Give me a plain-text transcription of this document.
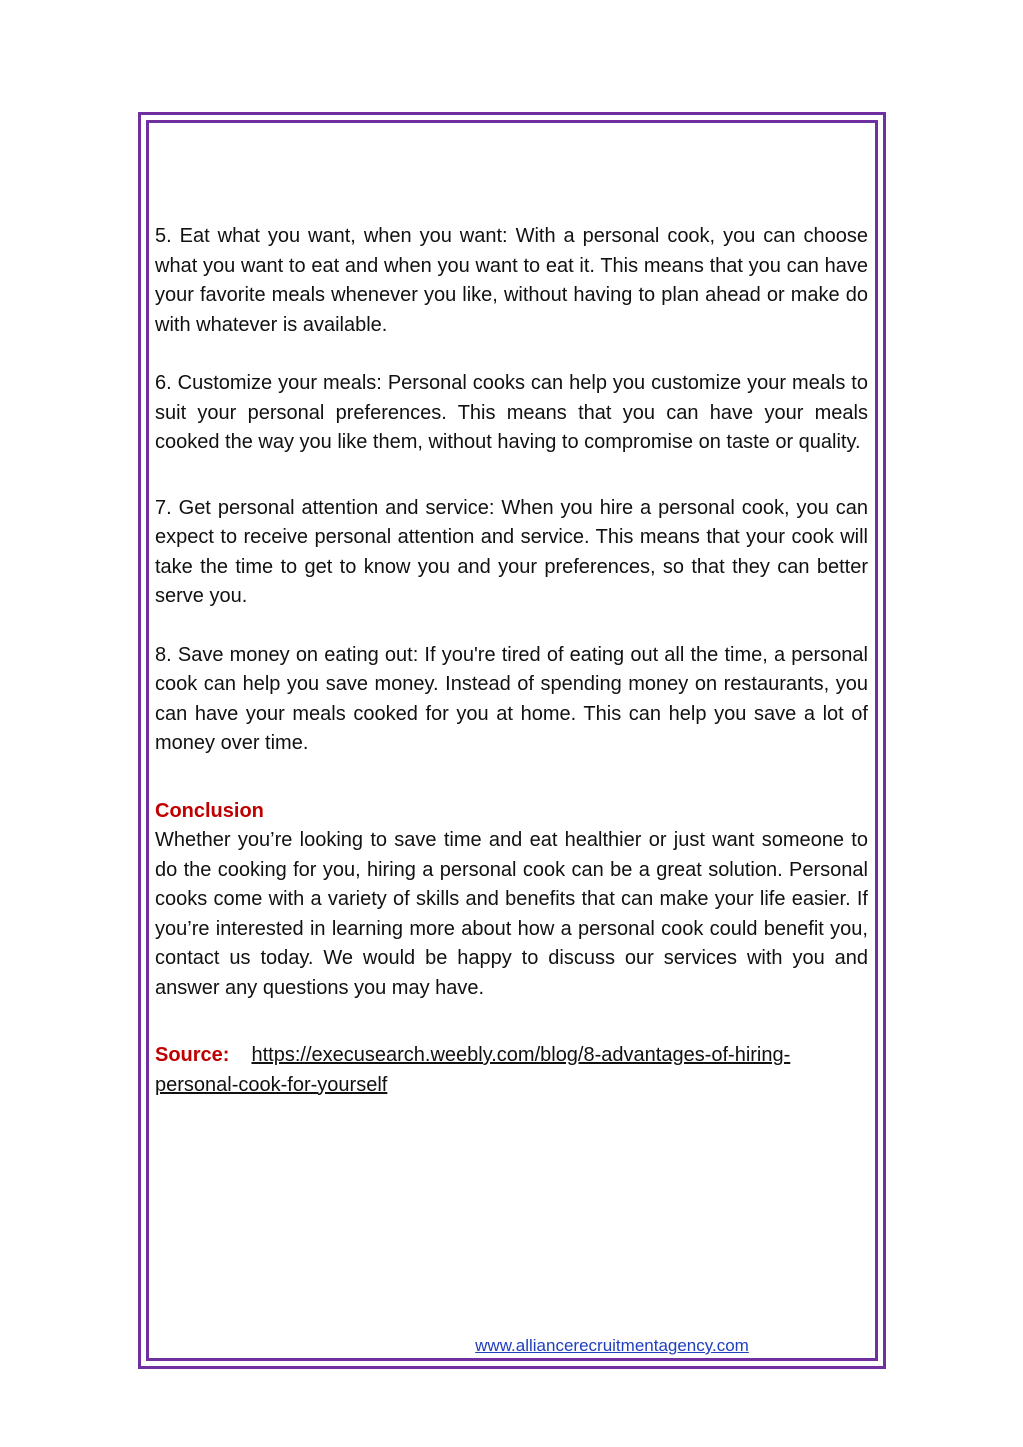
5. Eat what you want, when you want: With a personal cook, you can choose what you want to eat and when you want to eat it. This means that you can have your favorite meals whenever you like, without having to plan ahead or make do with whatever is available.

6. Customize your meals: Personal cooks can help you customize your meals to suit your personal preferences. This means that you can have your meals cooked the way you like them, without having to compromise on taste or quality.

7. Get personal attention and service: When you hire a personal cook, you can expect to receive personal attention and service. This means that your cook will take the time to get to know you and your preferences, so that they can better serve you.

8. Save money on eating out: If you're tired of eating out all the time, a personal cook can help you save money. Instead of spending money on restaurants, you can have your meals cooked for you at home. This can help you save a lot of money over time.

Conclusion

Whether you’re looking to save time and eat healthier or just want someone to do the cooking for you, hiring a personal cook can be a great solution. Personal cooks come with a variety of skills and benefits that can make your life easier. If you’re interested in learning more about how a personal cook could benefit you, contact us today. We would be happy to discuss our services with you and answer any questions you may have.

Source: https://execusearch.weebly.com/blog/8-advantages-of-hiring-personal-cook-for-yourself

www.alliancerecruitmentagency.com
